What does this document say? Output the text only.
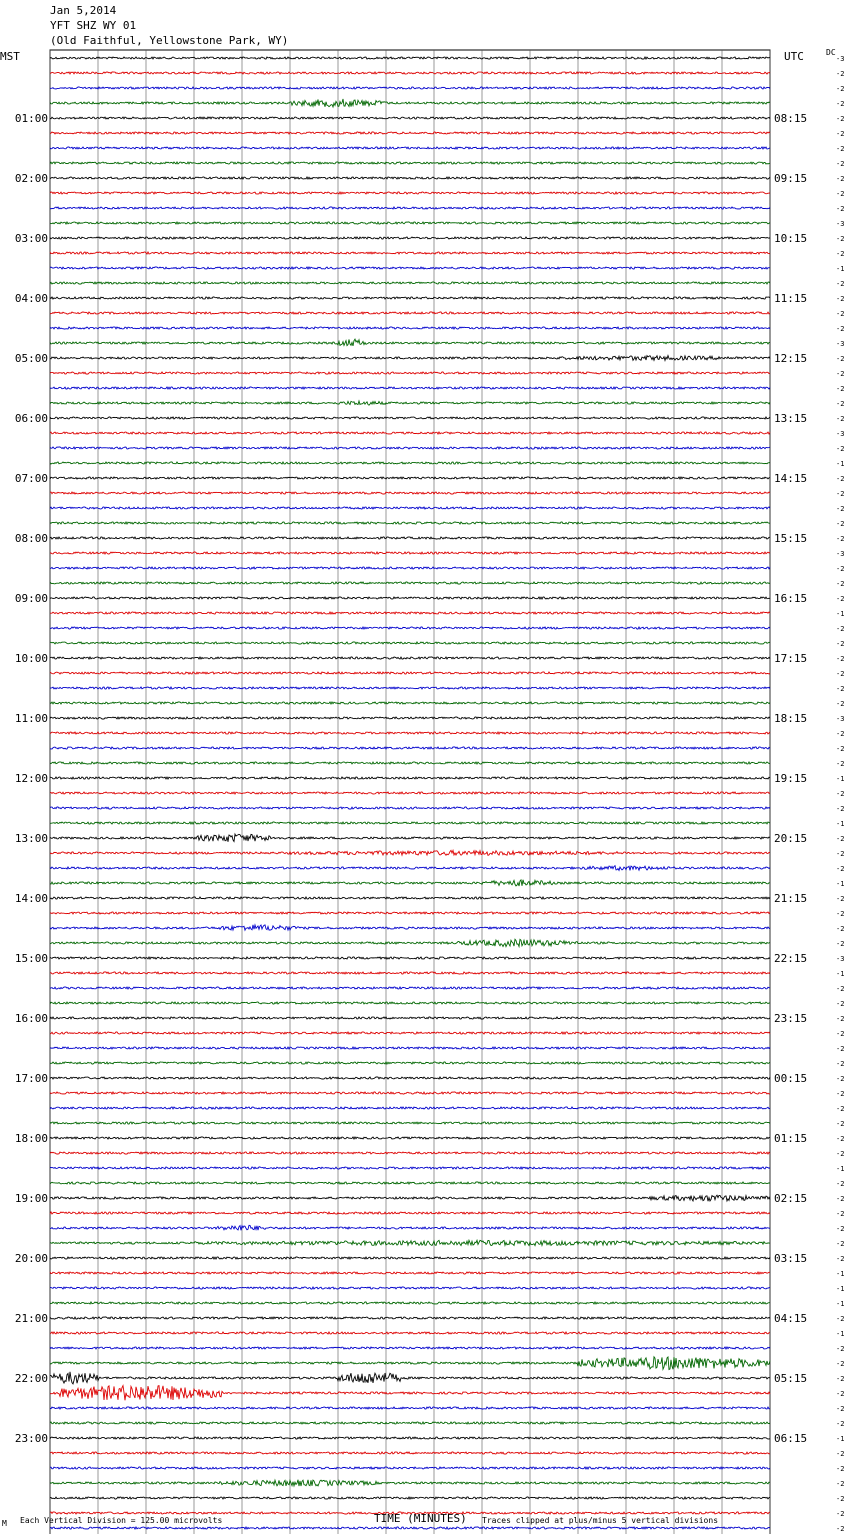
-3
-2
-2
-2
-2
-2
-2
-2
-2
-2
-2
-3
-2
-2
-1
-2
-2
-2
-2
-3
-2
-2
-2
-2
-2
-3
-2
-1
-2
-2
-2
-2
-2
-3
-2
-2
-2
-1
-2
-2
-2
-2
-2
-2
-3
-2
-2
-2
-1
-2
-2
-1
-2
-2
-2
-1
-2
-2
-2
-2
-3
-1
-2
-2
-2
-2
-2
-2
-2
-2
-2
-2
-2
-2
-1
-2
-2
-2
-2
-2
-2
-1
-1
-1
-2
-1
-2
-2
-2
-2
-2
-2
-1
-2
-2
-2
-2
-2
-2
01:00
02:00
03:00
04:00
05:00
06:00
07:00
08:00
09:00
10:00
11:00
12:00
13:00
14:00
15:00
16:00
17:00
18:00
19:00
20:00
21:00
22:00
23:00
08:15
09:15
10:15
11:15
12:15
13:15
14:15
15:15
16:15
17:15
18:15
19:15
20:15
21:15
22:15
23:15
00:15
01:15
02:15
03:15
04:15
05:15
06:15
Jan 5,2014
YFT SHZ WY 01
(Old Faithful, Yellowstone Park, WY)
MST	UTC	DC
M Each Vertical Division = 125.00 microvolts	TIME (MINUTES) Traces clipped at plus/minus 5 vertical divisions
